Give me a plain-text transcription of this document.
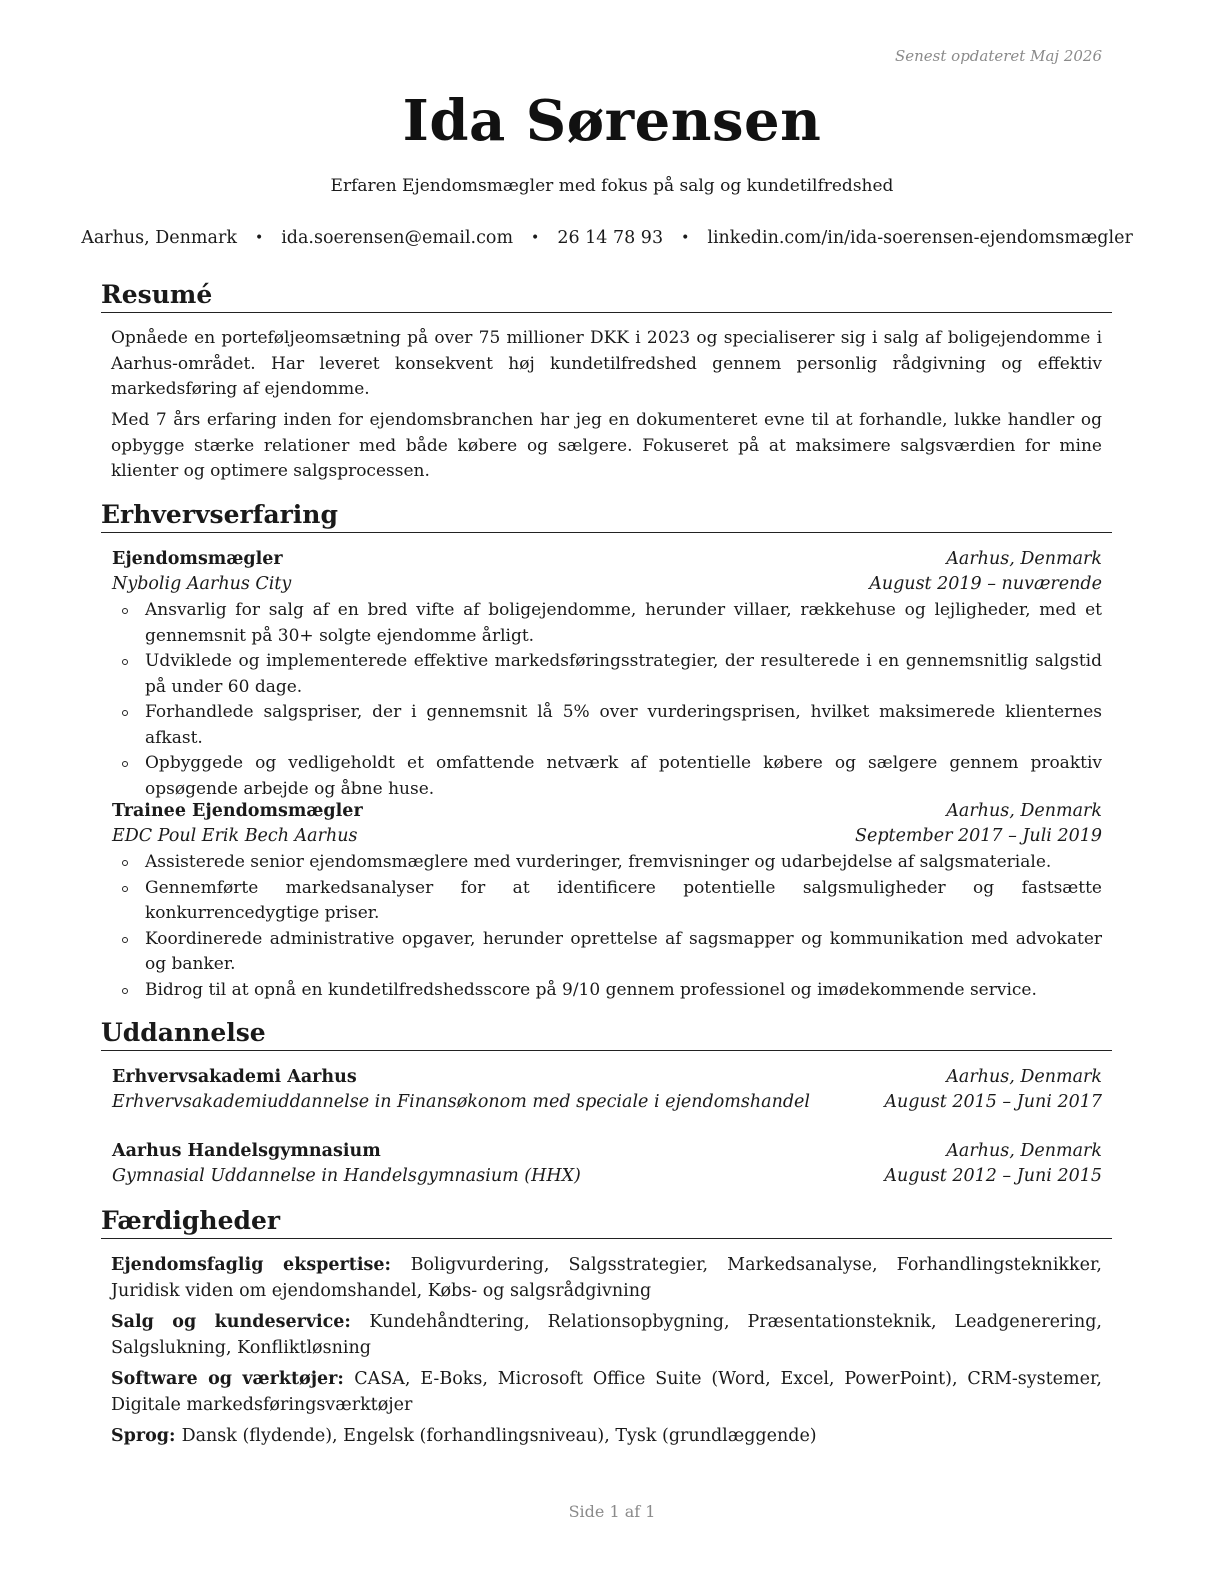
Senest opdateret Maj 2026
Ida Sørensen
Erfaren Ejendomsmægler med fokus på salg og kundetilfredshed
Aarhus, Denmark • ida.soerensen@email.com • 26 14 78 93 • linkedin.com/in/ida-soerensen-ejendomsmægler
Resumé
Opnåede en porteføljeomsætning på over 75 millioner DKK i 2023 og specialiserer sig i salg af boligejendomme i Aarhus-området. Har leveret konsekvent høj kundetilfredshed gennem personlig rådgivning og effektiv markedsføring af ejendomme.
Med 7 års erfaring inden for ejendomsbranchen har jeg en dokumenteret evne til at forhandle, lukke handler og opbygge stærke relationer med både købere og sælgere. Fokuseret på at maksimere salgsværdien for mine klienter og optimere salgsprocessen.
Erhvervserfaring
Ejendomsmægler	Aarhus, Denmark
Nybolig Aarhus City	August 2019 – nuværende
Ansvarlig for salg af en bred vifte af boligejendomme, herunder villaer, rækkehuse og lejligheder, med et gennemsnit på 30+ solgte ejendomme årligt.
Udviklede og implementerede effektive markedsføringsstrategier, der resulterede i en gennemsnitlig salgstid på under 60 dage.
Forhandlede salgspriser, der i gennemsnit lå 5% over vurderingsprisen, hvilket maksimerede klienternes afkast.
Opbyggede og vedligeholdt et omfattende netværk af potentielle købere og sælgere gennem proaktiv opsøgende arbejde og åbne huse.
Trainee Ejendomsmægler	Aarhus, Denmark
EDC Poul Erik Bech Aarhus	September 2017 – Juli 2019
Assisterede senior ejendomsmæglere med vurderinger, fremvisninger og udarbejdelse af salgsmateriale.
Gennemførte markedsanalyser for at identificere potentielle salgsmuligheder og fastsætte konkurrencedygtige priser.
Koordinerede administrative opgaver, herunder oprettelse af sagsmapper og kommunikation med advokater og banker.
Bidrog til at opnå en kundetilfredshedsscore på 9/10 gennem professionel og imødekommende service.
Uddannelse
Erhvervsakademi Aarhus	Aarhus, Denmark
Erhvervsakademiuddannelse in Finansøkonom med speciale i ejendomshandel	August 2015 – Juni 2017
Aarhus Handelsgymnasium	Aarhus, Denmark
Gymnasial Uddannelse in Handelsgymnasium (HHX)	August 2012 – Juni 2015
Færdigheder
Ejendomsfaglig ekspertise: Boligvurdering, Salgsstrategier, Markedsanalyse, Forhandlingsteknikker, Juridisk viden om ejendomshandel, Købs- og salgsrådgivning
Salg og kundeservice: Kundehåndtering, Relationsopbygning, Præsentationsteknik, Leadgenerering, Salgslukning, Konfliktløsning
Software og værktøjer: CASA, E-Boks, Microsoft Office Suite (Word, Excel, PowerPoint), CRM-systemer, Digitale markedsføringsværktøjer
Sprog: Dansk (flydende), Engelsk (forhandlingsniveau), Tysk (grundlæggende)
Side 1 af 1
